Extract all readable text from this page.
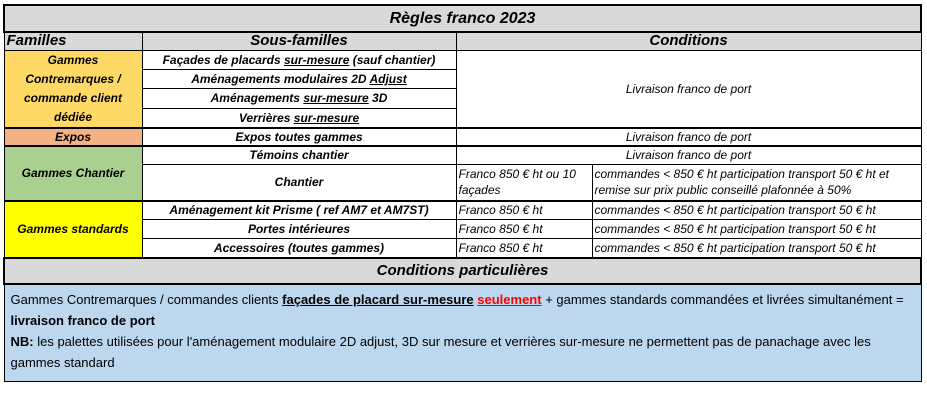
Règles franco 2023			
Familles	Sous-familles	Conditions	
Gammes Contremarques / commande client dédiée	Façades de placards sur-mesure (sauf chantier)	Livraison franco de port	
	Aménagements modulaires 2D Adjust		
	Aménagements sur-mesure 3D		
	Verrières sur-mesure		
Expos	Expos toutes gammes	Livraison franco de port	
Gammes Chantier	Témoins chantier	Livraison franco de port	
	Chantier	Franco 850 € ht ou 10 façades	commandes < 850 € ht participation transport 50 € ht et remise sur prix public conseillé plafonnée à 50%
Gammes standards	Aménagement kit Prisme ( ref AM7 et AM7ST)	Franco 850 € ht	commandes < 850 € ht participation transport 50 € ht
	Portes intérieures	Franco 850 € ht	commandes < 850 € ht participation transport 50 € ht
	Accessoires (toutes gammes)	Franco 850 € ht	commandes < 850 € ht participation transport 50 € ht
Conditions particulières			

Gammes Contremarques / commandes clients façades de placard sur-mesure seulement + gammes standards commandées et livrées simultanément = livraison franco de port
NB: les palettes utilisées pour l'aménagement modulaire 2D adjust, 3D sur mesure et verrières sur-mesure ne permettent pas de panachage avec les gammes standard			
